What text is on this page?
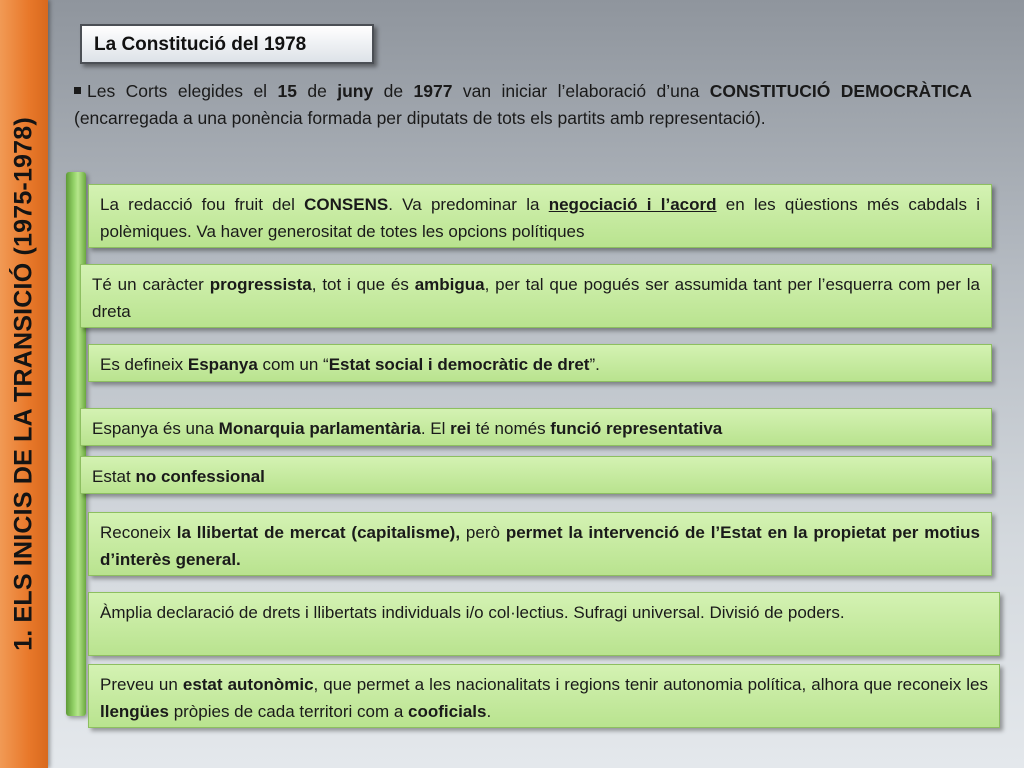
1. ELS INICIS DE LA TRANSICIÓ (1975-1978)
La Constitució del 1978
Les Corts elegides el 15 de juny de 1977 van iniciar l’elaboració d’una CONSTITUCIÓ DEMOCRÀTICA (encarregada a una ponència formada per diputats de tots els partits amb representació).
La redacció fou fruit del CONSENS. Va predominar la negociació i l’acord en les qüestions més cabdals i polèmiques. Va haver generositat de totes les opcions polítiques
Té un caràcter progressista, tot i que és ambigua, per tal que pogués ser assumida tant per l’esquerra com per la dreta
Es defineix Espanya com un “Estat social i democràtic de dret”.
Espanya és una Monarquia parlamentària. El rei té només funció representativa
Estat no confessional
Reconeix la llibertat de mercat (capitalisme), però permet la intervenció de l’Estat en la propietat per motius d’interès general.
Àmplia declaració de drets i llibertats individuals i/o col·lectius. Sufragi universal. Divisió de poders.
Preveu un estat autonòmic, que permet a les nacionalitats i regions tenir autonomia política, alhora que reconeix les llengües pròpies de cada territori com a cooficials.
